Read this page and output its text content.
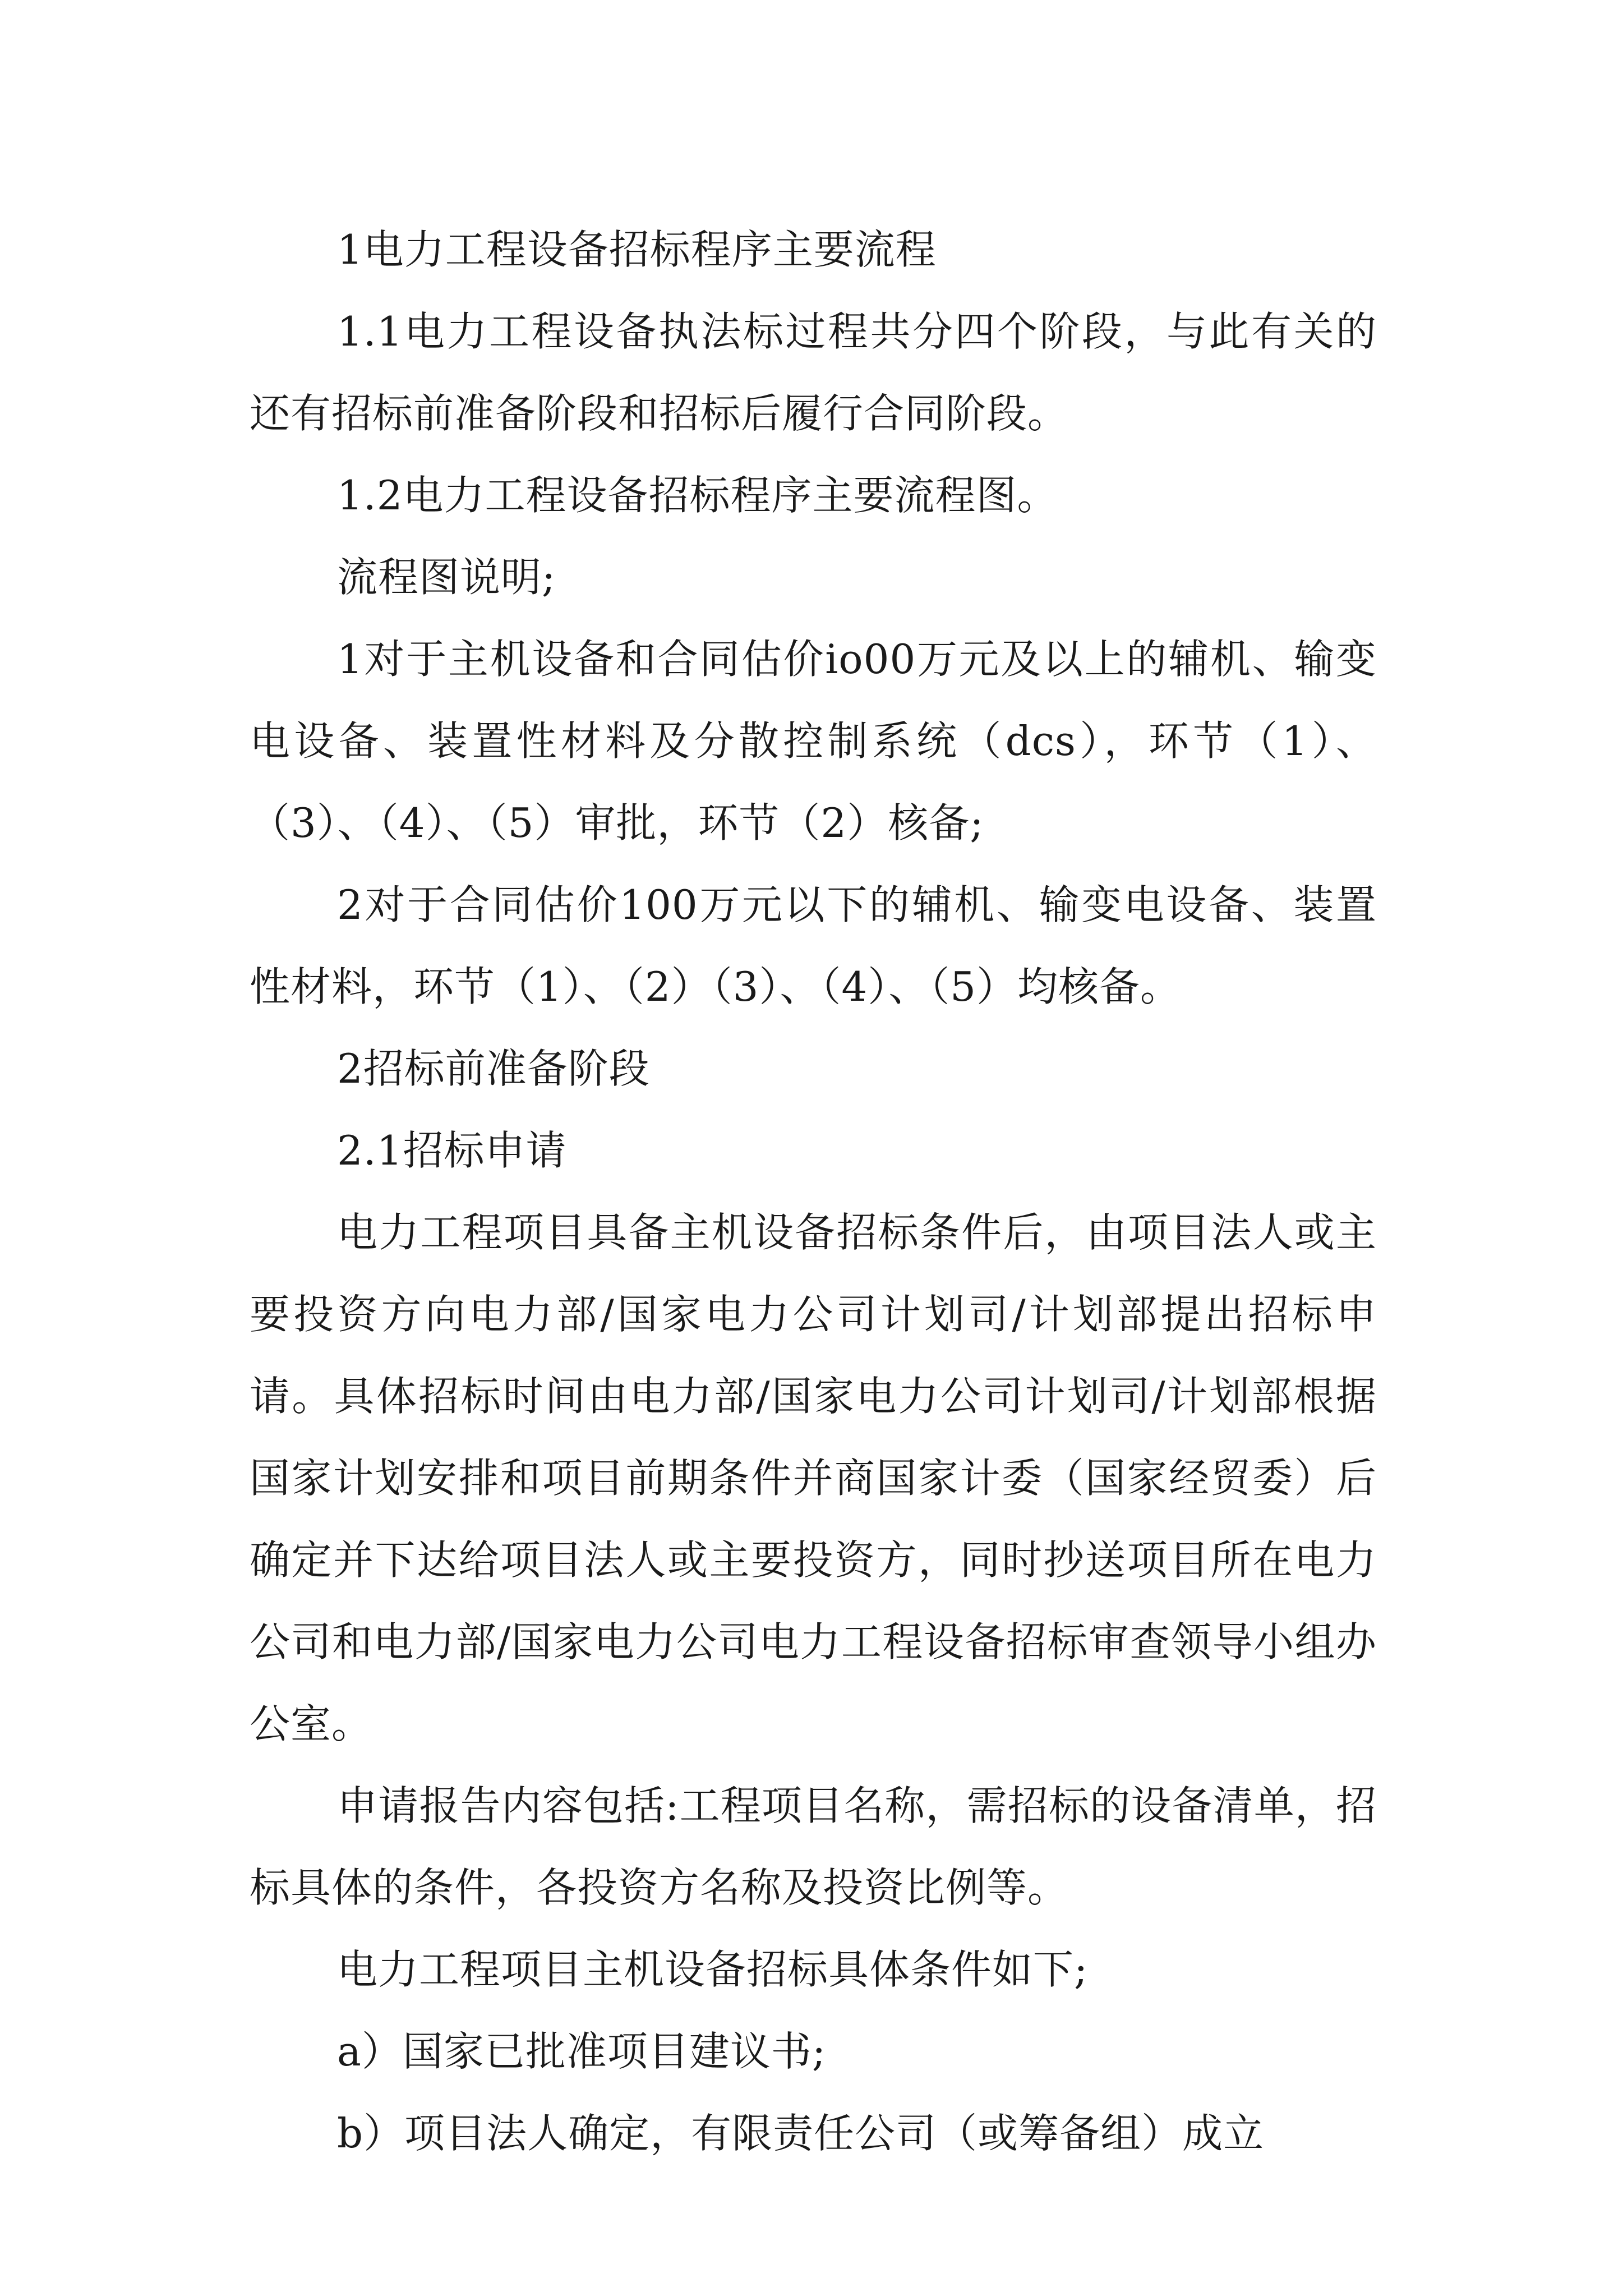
1电力工程设备招标程序主要流程

1.1电力工程设备执法标过程共分四个阶段，与此有关的还有招标前准备阶段和招标后履行合同阶段。

1.2电力工程设备招标程序主要流程图。

流程图说明;

1对于主机设备和合同估价io00万元及以上的辅机、输变电设备、装置性材料及分散控制系统（dcs），环节（1）、（3）、（4）、（5）审批，环节（2）核备;

2对于合同估价100万元以下的辅机、输变电设备、装置性材料，环节（1）、（2）（3）、（4）、（5）均核备。

2招标前准备阶段

2.1招标申请

电力工程项目具备主机设备招标条件后，由项目法人或主要投资方向电力部/国家电力公司计划司/计划部提出招标申请。具体招标时间由电力部/国家电力公司计划司/计划部根据国家计划安排和项目前期条件并商国家计委（国家经贸委）后确定并下达给项目法人或主要投资方，同时抄送项目所在电力公司和电力部/国家电力公司电力工程设备招标审查领导小组办公室。

申请报告内容包括:工程项目名称，需招标的设备清单，招标具体的条件，各投资方名称及投资比例等。

电力工程项目主机设备招标具体条件如下;

a）国家已批准项目建议书;

b）项目法人确定，有限责任公司（或筹备组）成立
